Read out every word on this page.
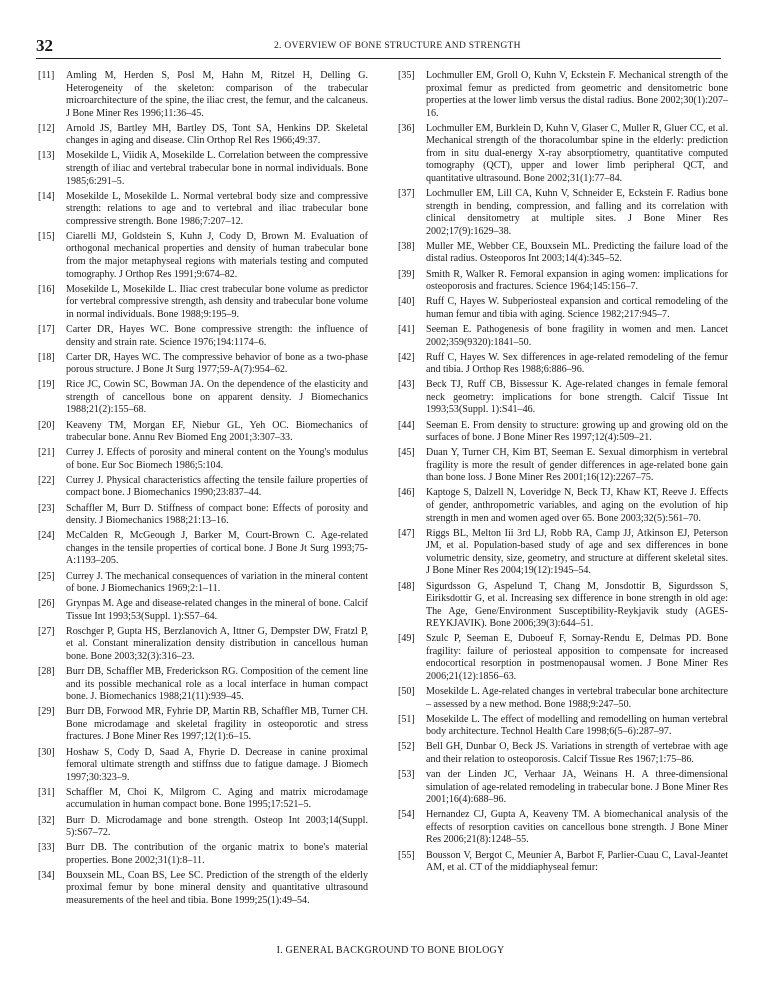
32	2. OVERVIEW OF BONE STRUCTURE AND STRENGTH
[11] Amling M, Herden S, Posl M, Hahn M, Ritzel H, Delling G. Heterogeneity of the skeleton: comparison of the trabecular microarchitecture of the spine, the iliac crest, the femur, and the calcaneus. J Bone Miner Res 1996;11:36–45.
[12] Arnold JS, Bartley MH, Bartley DS, Tont SA, Henkins DP. Skeletal changes in aging and disease. Clin Orthop Rel Res 1966;49:37.
[13] Mosekilde L, Viidik A, Mosekilde L. Correlation between the compressive strength of iliac and vertebral trabecular bone in normal individuals. Bone 1985;6:291–5.
[14] Mosekilde L, Mosekilde L. Normal vertebral body size and compressive strength: relations to age and to vertebral and iliac trabecular bone compressive strength. Bone 1986;7:207–12.
[15] Ciarelli MJ, Goldstein S, Kuhn J, Cody D, Brown M. Evaluation of orthogonal mechanical properties and density of human trabecular bone from the major metaphyseal regions with materials testing and computed tomography. J Orthop Res 1991;9:674–82.
[16] Mosekilde L, Mosekilde L. Iliac crest trabecular bone volume as predictor for vertebral compressive strength, ash density and trabecular bone volume in normal individuals. Bone 1988;9:195–9.
[17] Carter DR, Hayes WC. Bone compressive strength: the influence of density and strain rate. Science 1976;194:1174–6.
[18] Carter DR, Hayes WC. The compressive behavior of bone as a two-phase porous structure. J Bone Jt Surg 1977;59-A(7):954–62.
[19] Rice JC, Cowin SC, Bowman JA. On the dependence of the elasticity and strength of cancellous bone on apparent density. J Biomechanics 1988;21(2):155–68.
[20] Keaveny TM, Morgan EF, Niebur GL, Yeh OC. Biomechanics of trabecular bone. Annu Rev Biomed Eng 2001;3:307–33.
[21] Currey J. Effects of porosity and mineral content on the Young's modulus of bone. Eur Soc Biomech 1986;5:104.
[22] Currey J. Physical characteristics affecting the tensile failure properties of compact bone. J Biomechanics 1990;23:837–44.
[23] Schaffler M, Burr D. Stiffness of compact bone: Effects of porosity and density. J Biomechanics 1988;21:13–16.
[24] McCalden R, McGeough J, Barker M, Court-Brown C. Age-related changes in the tensile properties of cortical bone. J Bone Jt Surg 1993;75-A:1193–205.
[25] Currey J. The mechanical consequences of variation in the mineral content of bone. J Biomechanics 1969;2:1–11.
[26] Grynpas M. Age and disease-related changes in the mineral of bone. Calcif Tissue Int 1993;53(Suppl. 1):S57–64.
[27] Roschger P, Gupta HS, Berzlanovich A, Ittner G, Dempster DW, Fratzl P, et al. Constant mineralization density distribution in cancellous human bone. Bone 2003;32(3):316–23.
[28] Burr DB, Schaffler MB, Frederickson RG. Composition of the cement line and its possible mechanical role as a local interface in human compact bone. J. Biomechanics 1988;21(11):939–45.
[29] Burr DB, Forwood MR, Fyhrie DP, Martin RB, Schaffler MB, Turner CH. Bone microdamage and skeletal fragility in osteoporotic and stress fractures. J Bone Miner Res 1997;12(1):6–15.
[30] Hoshaw S, Cody D, Saad A, Fhyrie D. Decrease in canine proximal femoral ultimate strength and stiffnss due to fatigue damage. J Biomech 1997;30:323–9.
[31] Schaffler M, Choi K, Milgrom C. Aging and matrix microdamage accumulation in human compact bone. Bone 1995;17:521–5.
[32] Burr D. Microdamage and bone strength. Osteop Int 2003;14(Suppl. 5):S67–72.
[33] Burr DB. The contribution of the organic matrix to bone's material properties. Bone 2002;31(1):8–11.
[34] Bouxsein ML, Coan BS, Lee SC. Prediction of the strength of the elderly proximal femur by bone mineral density and quantitative ultrasound measurements of the heel and tibia. Bone 1999;25(1):49–54.
[35] Lochmuller EM, Groll O, Kuhn V, Eckstein F. Mechanical strength of the proximal femur as predicted from geometric and densitometric bone properties at the lower limb versus the distal radius. Bone 2002;30(1):207–16.
[36] Lochmuller EM, Burklein D, Kuhn V, Glaser C, Muller R, Gluer CC, et al. Mechanical strength of the thoracolumbar spine in the elderly: prediction from in situ dual-energy X-ray absorptiometry, quantitative computed tomography (QCT), upper and lower limb peripheral QCT, and quantitative ultrasound. Bone 2002;31(1):77–84.
[37] Lochmuller EM, Lill CA, Kuhn V, Schneider E, Eckstein F. Radius bone strength in bending, compression, and falling and its correlation with clinical densitometry at multiple sites. J Bone Miner Res 2002;17(9):1629–38.
[38] Muller ME, Webber CE, Bouxsein ML. Predicting the failure load of the distal radius. Osteoporos Int 2003;14(4):345–52.
[39] Smith R, Walker R. Femoral expansion in aging women: implications for osteoporosis and fractures. Science 1964;145:156–7.
[40] Ruff C, Hayes W. Subperiosteal expansion and cortical remodeling of the human femur and tibia with aging. Science 1982;217:945–7.
[41] Seeman E. Pathogenesis of bone fragility in women and men. Lancet 2002;359(9320):1841–50.
[42] Ruff C, Hayes W. Sex differences in age-related remodeling of the femur and tibia. J Orthop Res 1988;6:886–96.
[43] Beck TJ, Ruff CB, Bissessur K. Age-related changes in female femoral neck geometry: implications for bone strength. Calcif Tissue Int 1993;53(Suppl. 1):S41–46.
[44] Seeman E. From density to structure: growing up and growing old on the surfaces of bone. J Bone Miner Res 1997;12(4):509–21.
[45] Duan Y, Turner CH, Kim BT, Seeman E. Sexual dimorphism in vertebral fragility is more the result of gender differences in age-related bone gain than bone loss. J Bone Miner Res 2001;16(12):2267–75.
[46] Kaptoge S, Dalzell N, Loveridge N, Beck TJ, Khaw KT, Reeve J. Effects of gender, anthropometric variables, and aging on the evolution of hip strength in men and women aged over 65. Bone 2003;32(5):561–70.
[47] Riggs BL, Melton Iii 3rd LJ, Robb RA, Camp JJ, Atkinson EJ, Peterson JM, et al. Population-based study of age and sex differences in bone volumetric density, size, geometry, and structure at different skeletal sites. J Bone Miner Res 2004;19(12):1945–54.
[48] Sigurdsson G, Aspelund T, Chang M, Jonsdottir B, Sigurdsson S, Eiriksdottir G, et al. Increasing sex difference in bone strength in old age: The Age, Gene/Environment Susceptibility-Reykjavik study (AGES-REYKJAVIK). Bone 2006;39(3):644–51.
[49] Szulc P, Seeman E, Duboeuf F, Sornay-Rendu E, Delmas PD. Bone fragility: failure of periosteal apposition to compensate for increased endocortical resorption in postmenopausal women. J Bone Miner Res 2006;21(12):1856–63.
[50] Mosekilde L. Age-related changes in vertebral trabecular bone architecture – assessed by a new method. Bone 1988;9:247–50.
[51] Mosekilde L. The effect of modelling and remodelling on human vertebral body architecture. Technol Health Care 1998;6(5–6):287–97.
[52] Bell GH, Dunbar O, Beck JS. Variations in strength of vertebrae with age and their relation to osteoporosis. Calcif Tissue Res 1967;1:75–86.
[53] van der Linden JC, Verhaar JA, Weinans H. A three-dimensional simulation of age-related remodeling in trabecular bone. J Bone Miner Res 2001;16(4):688–96.
[54] Hernandez CJ, Gupta A, Keaveny TM. A biomechanical analysis of the effects of resorption cavities on cancellous bone strength. J Bone Miner Res 2006;21(8):1248–55.
[55] Bousson V, Bergot C, Meunier A, Barbot F, Parlier-Cuau C, Laval-Jeantet AM, et al. CT of the middiaphyseal femur:
I. GENERAL BACKGROUND TO BONE BIOLOGY
